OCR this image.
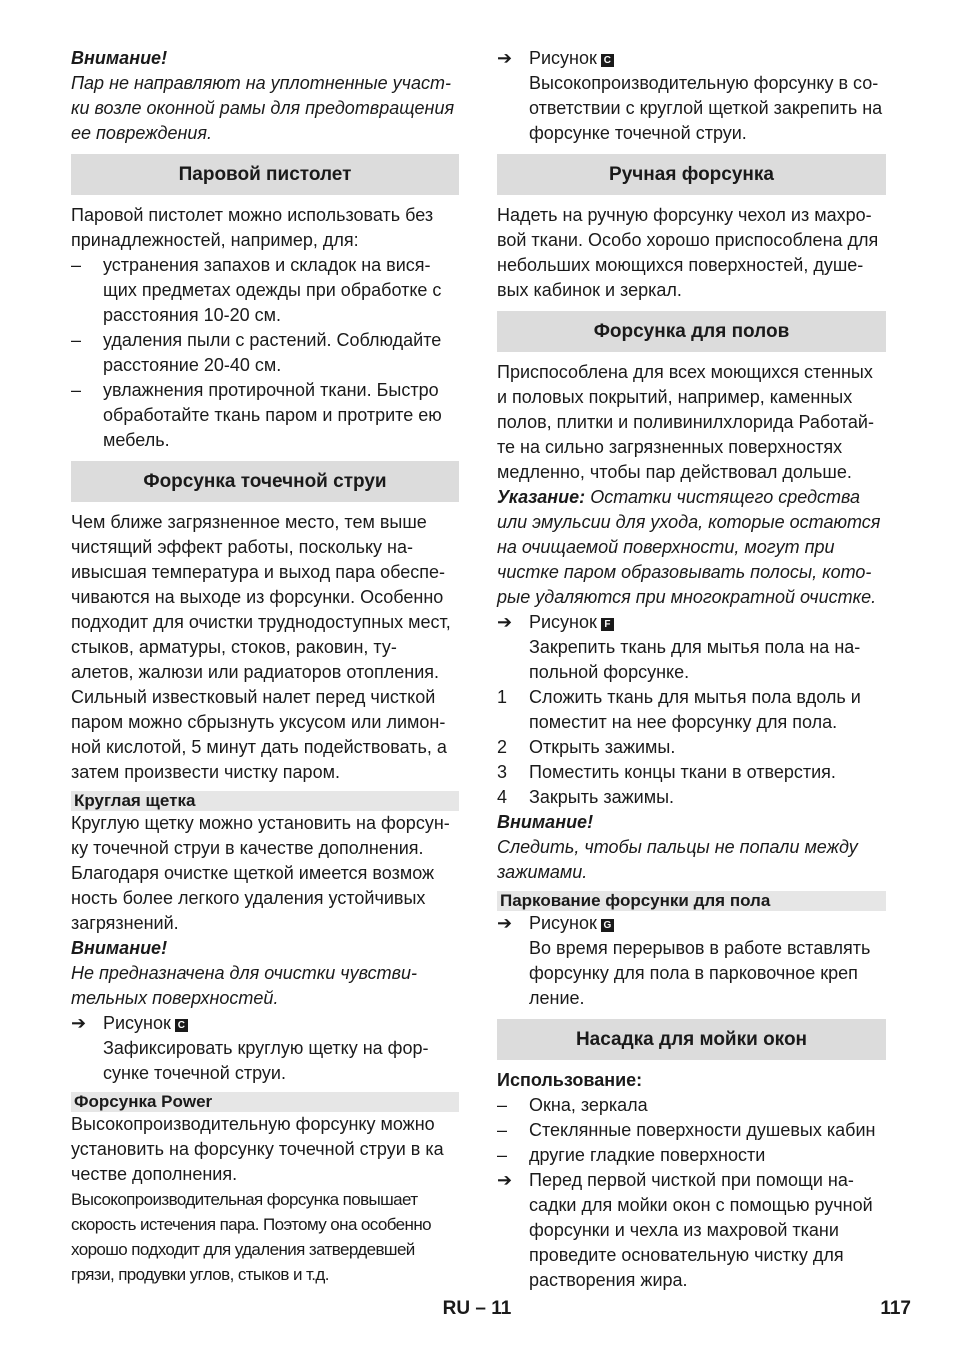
Внимание!

Пар не направляют на уплотненные участ-ки возле оконной рамы для предотвращения ее повреждения.

Паровой пистолет

Паровой пистолет можно использовать без принадлежностей, например, для:

–	устранения запахов и складок на вися-щих предметах одежды при обработке с расстояния 10-20 см.
–	удаления пыли с растений. Соблюдайте расстояние 20-40 см.
–	увлажнения протирочной ткани. Быстро обработайте ткань паром и протрите ею мебель.
Форсунка точечной струи

Чем ближе загрязненное место, тем выше чистящий эффект работы, поскольку на-ивысшая температура и выход пара обеспе-чиваются на выходе из форсунки. Особенно подходит для очистки труднодоступных мест, стыков, арматуры, стоков, раковин, ту-алетов, жалюзи или радиаторов отопления. Сильный известковый налет перед чисткой паром можно сбрызнуть уксусом или лимон-ной кислотой, 5 минут дать подействовать, а затем произвести чистку паром.

Круглая щетка

Круглую щетку можно установить на форсун-ку точечной струи в качестве дополнения. Благодаря очистке щеткой имеется возмож ность более легкого удаления устойчивых загрязнений.

Внимание!

Не предназначена для очистки чувстви-тельных поверхностей.

➔ Рисунок C
Зафиксировать круглую щетку на фор-сунке точечной струи.
Форсунка Power

Высокопроизводительную форсунку можно установить на форсунку точечной струи в ка честве дополнения.

Высокопроизводительная форсунка повышает скорость истечения пара. Поэтому она особенно хорошо подходит для удаления затвердевшей грязи, продувки углов, стыков и т.д.

➔ Рисунок C
Высокопроизводительную форсунку в со-ответствии с круглой щеткой закрепить на форсунке точечной струи.
Ручная форсунка

Надеть на ручную форсунку чехол из махро-вой ткани. Особо хорошо приспособлена для небольших моющихся поверхностей, душе-вых кабинок и зеркал.

Форсунка для полов

Приспособлена для всех моющихся стенных и половых покрытий, например, каменных полов, плитки и поливинилхлорида Работай-те на сильно загрязненных поверхностях медленно, чтобы пар действовал дольше.

Указание: Остатки чистящего средства или эмульсии для ухода, которые остаются на очищаемой поверхности, могут при чистке паром образовывать полосы, кото-рые удаляются при многократной очистке.

➔ Рисунок F
Закрепить ткань для мытья пола на на-польной форсунке.
1	Сложить ткань для мытья пола вдоль и поместит на нее форсунку для пола.
2	Открыть зажимы.
3	Поместить концы ткани в отверстия.
4	Закрыть зажимы.

Внимание!

Следить, чтобы пальцы не попали между зажимами.

Паркование форсунки для пола
➔ Рисунок G
Во время перерывов в работе вставлять форсунку для пола в парковочное креп ление.
Насадка для мойки окон

Использование:

–	Окна, зеркала
–	Стеклянные поверхности душевых кабин
–	другие гладкие поверхности
➔ Перед первой чисткой при помощи на-садки для мойки окон с помощью ручной форсунки и чехла из махровой ткани проведите основательную чистку для растворения жира.
RU – 11	117
